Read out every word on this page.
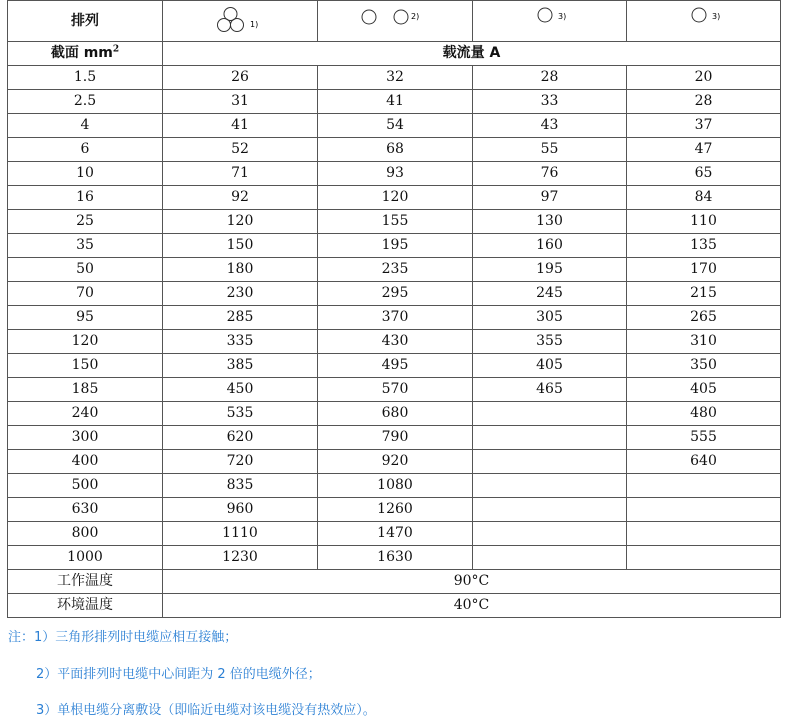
排列	1)	2)	3)	3)

截面 $mm^2$	载流量 A			
1.5	26	32	28	20
2.5	31	41	33	28
4	41	54	43	37
6	52	68	55	47
10	71	93	76	65
16	92	120	97	84
25	120	155	130	110
35	150	195	160	135
50	180	235	195	170
70	230	295	245	215
95	285	370	305	265
120	335	430	355	310
150	385	495	405	350
185	450	570	465	405
240	535	680		480
300	620	790		555
400	720	920		640
500	835	1080		
630	960	1260		
800	1110	1470		
1000	1230	1630		
工作温度	90°C			
环境温度	40°C			
注：1）三角形排列时电缆应相互接触；
2）平面排列时电缆中心间距为 2 倍的电缆外径；
3）单根电缆分离敷设（即临近电缆对该电缆没有热效应）。
